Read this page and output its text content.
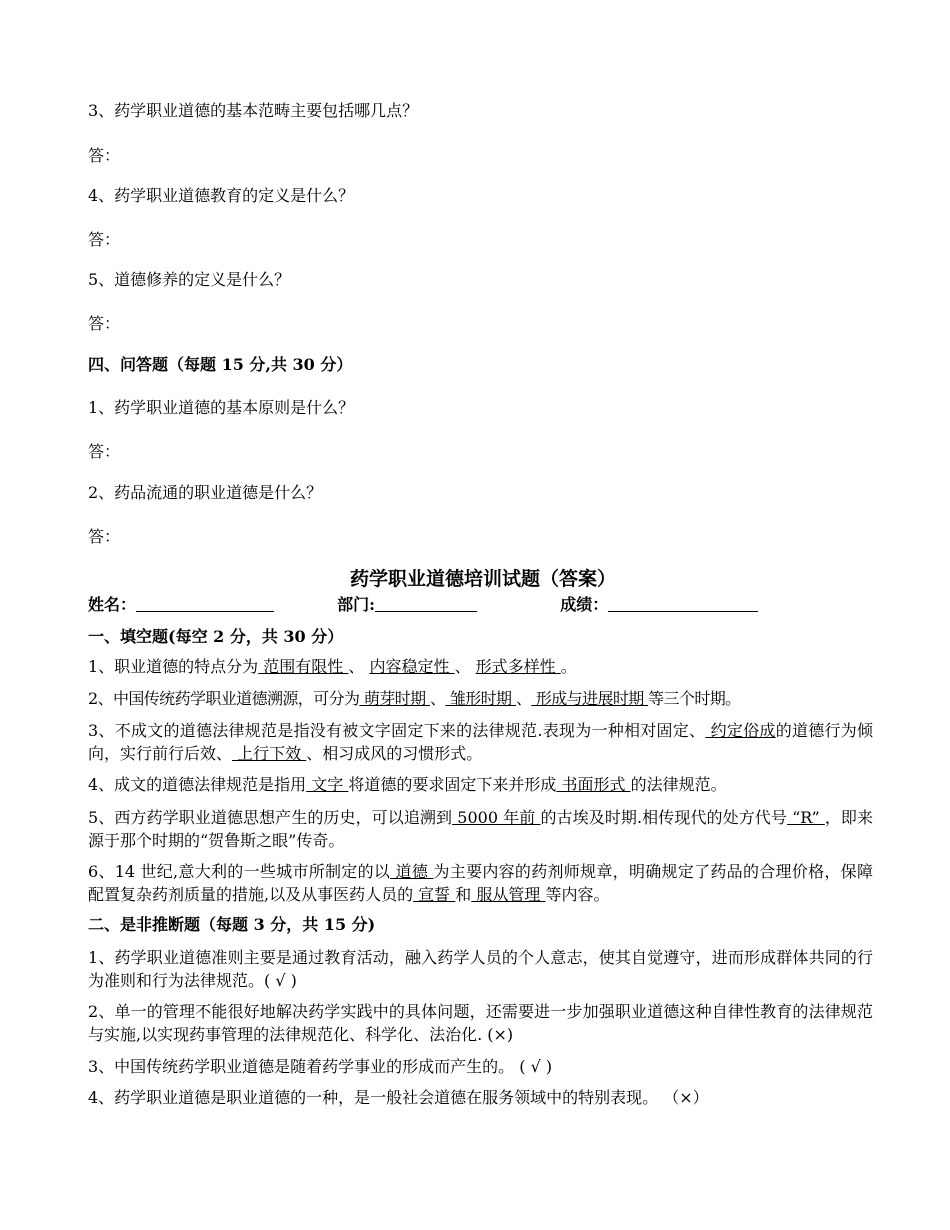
3、药学职业道德的基本范畴主要包括哪几点？
答：
4、药学职业道德教育的定义是什么？
答：
5、道德修养的定义是什么？
答：
四、问答题（每题 15 分,共 30 分）
1、药学职业道德的基本原则是什么？
答：
2、药品流通的职业道德是什么？
答：
药学职业道德培训试题（答案）
姓名：	部门:	成绩：
一、填空题(每空 2 分，共 30 分）
1、职业道德的特点分为 范围有限性 、 内容稳定性 、 形式多样性 。
2、中国传统药学职业道德溯源，可分为 萌芽时期 、 雏形时期 、 形成与进展时期 等三个时期。
3、不成文的道德法律规范是指没有被文字固定下来的法律规范.表现为一种相对固定、 约定俗成的道德行为倾向，实行前行后效、 上行下效 、相习成风的习惯形式。
4、成文的道德法律规范是指用 文字 将道德的要求固定下来并形成 书面形式 的法律规范。
5、西方药学职业道德思想产生的历史，可以追溯到 5000 年前 的古埃及时期.相传现代的处方代号 “R” ，即来源于那个时期的“贺鲁斯之眼”传奇。
6、14 世纪,意大利的一些城市所制定的以 道德 为主要内容的药剂师规章，明确规定了药品的合理价格，保障配置复杂药剂质量的措施,以及从事医药人员的 宣誓 和 服从管理 等内容。
二、是非推断题（每题 3 分，共 15 分)
1、药学职业道德准则主要是通过教育活动，融入药学人员的个人意志，使其自觉遵守，进而形成群体共同的行为准则和行为法律规范。( √ )
2、单一的管理不能很好地解决药学实践中的具体问题，还需要进一步加强职业道德这种自律性教育的法律规范与实施,以实现药事管理的法律规范化、科学化、法治化. (×)
3、中国传统药学职业道德是随着药学事业的形成而产生的。 ( √ )
4、药学职业道德是职业道德的一种，是一般社会道德在服务领域中的特别表现。 （×）
